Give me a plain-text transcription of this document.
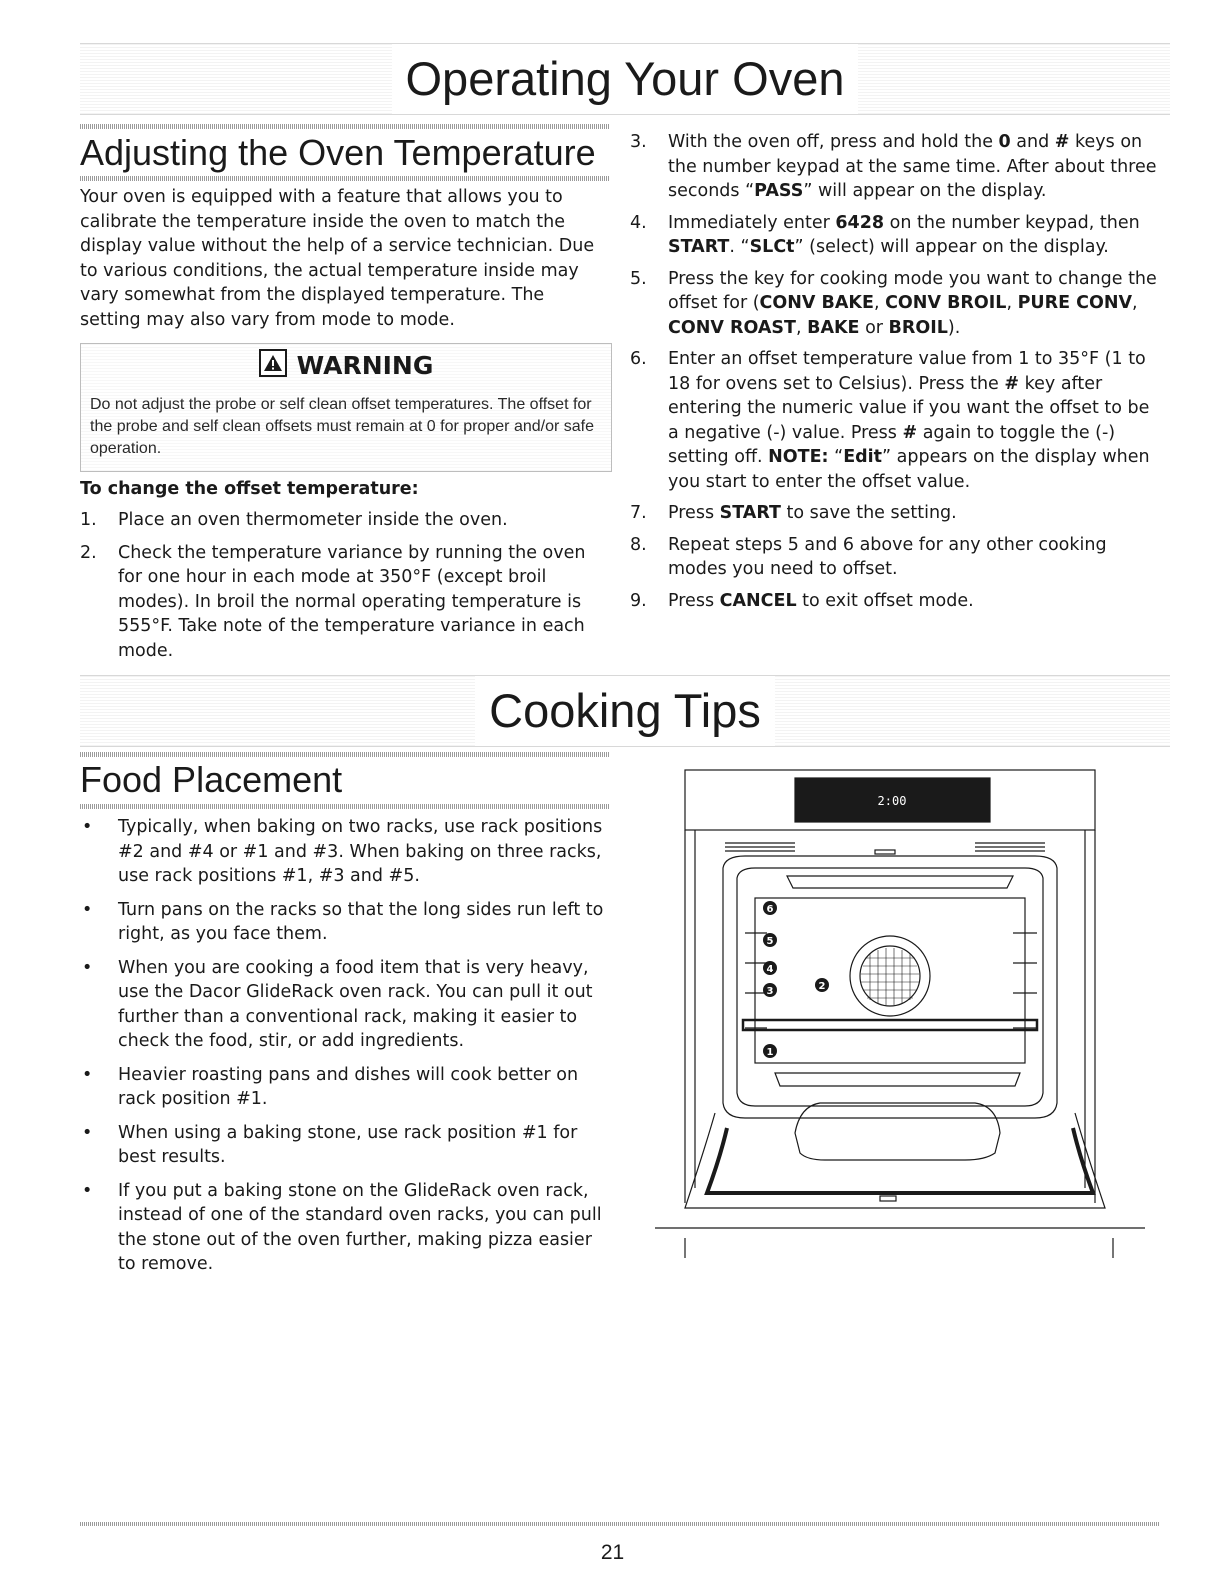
Operating Your Oven
Adjusting the Oven Temperature

Your oven is equipped with a feature that allows you to calibrate the temperature inside the oven to match the display value without the help of a service technician. Due to various conditions, the actual temperature inside may vary somewhat from the displayed temperature. The setting may also vary from mode to mode.

WARNING

Do not adjust the probe or self clean offset temperatures. The offset for the probe and self clean offsets must remain at 0 for proper and/or safe operation.

To change the offset temperature:

1. Place an oven thermometer inside the oven.
2. Check the temperature variance by running the oven for one hour in each mode at 350°F (except broil modes). In broil the normal operating temperature is 555°F. Take note of the temperature variance in each mode.
3. With the oven off, press and hold the 0 and # keys on the number keypad at the same time. After about three seconds “PASS” will appear on the display.
4. Immediately enter 6428 on the number keypad, then START. “SLCt” (select) will appear on the display.
5. Press the key for cooking mode you want to change the offset for (CONV BAKE, CONV BROIL, PURE CONV, CONV ROAST, BAKE or BROIL).
6. Enter an offset temperature value from 1 to 35°F (1 to 18 for ovens set to Celsius). Press the # key after entering the numeric value if you want the offset to be a negative (-) value. Press # again to toggle the (-) setting off. NOTE: “Edit” appears on the display when you start to enter the offset value.
7. Press START to save the setting.
8. Repeat steps 5 and 6 above for any other cooking modes you need to offset.
9. Press CANCEL to exit offset mode.
Cooking Tips
Food Placement
• Typically, when baking on two racks, use rack positions #2 and #4 or #1 and #3. When baking on three racks, use rack positions #1, #3 and #5.
• Turn pans on the racks so that the long sides run left to right, as you face them.
• When you are cooking a food item that is very heavy, use the Dacor GlideRack oven rack. You can pull it out further than a conventional rack, making it easier to check the food, stir, or add ingredients.
• Heavier roasting pans and dishes will cook better on rack position #1.
• When using a baking stone, use rack position #1 for best results.
• If you put a baking stone on the GlideRack oven rack, instead of one of the standard oven racks, you can pull the stone out of the oven further, making pizza easier to remove.
2:00
6
5
4
3	2
1
21
